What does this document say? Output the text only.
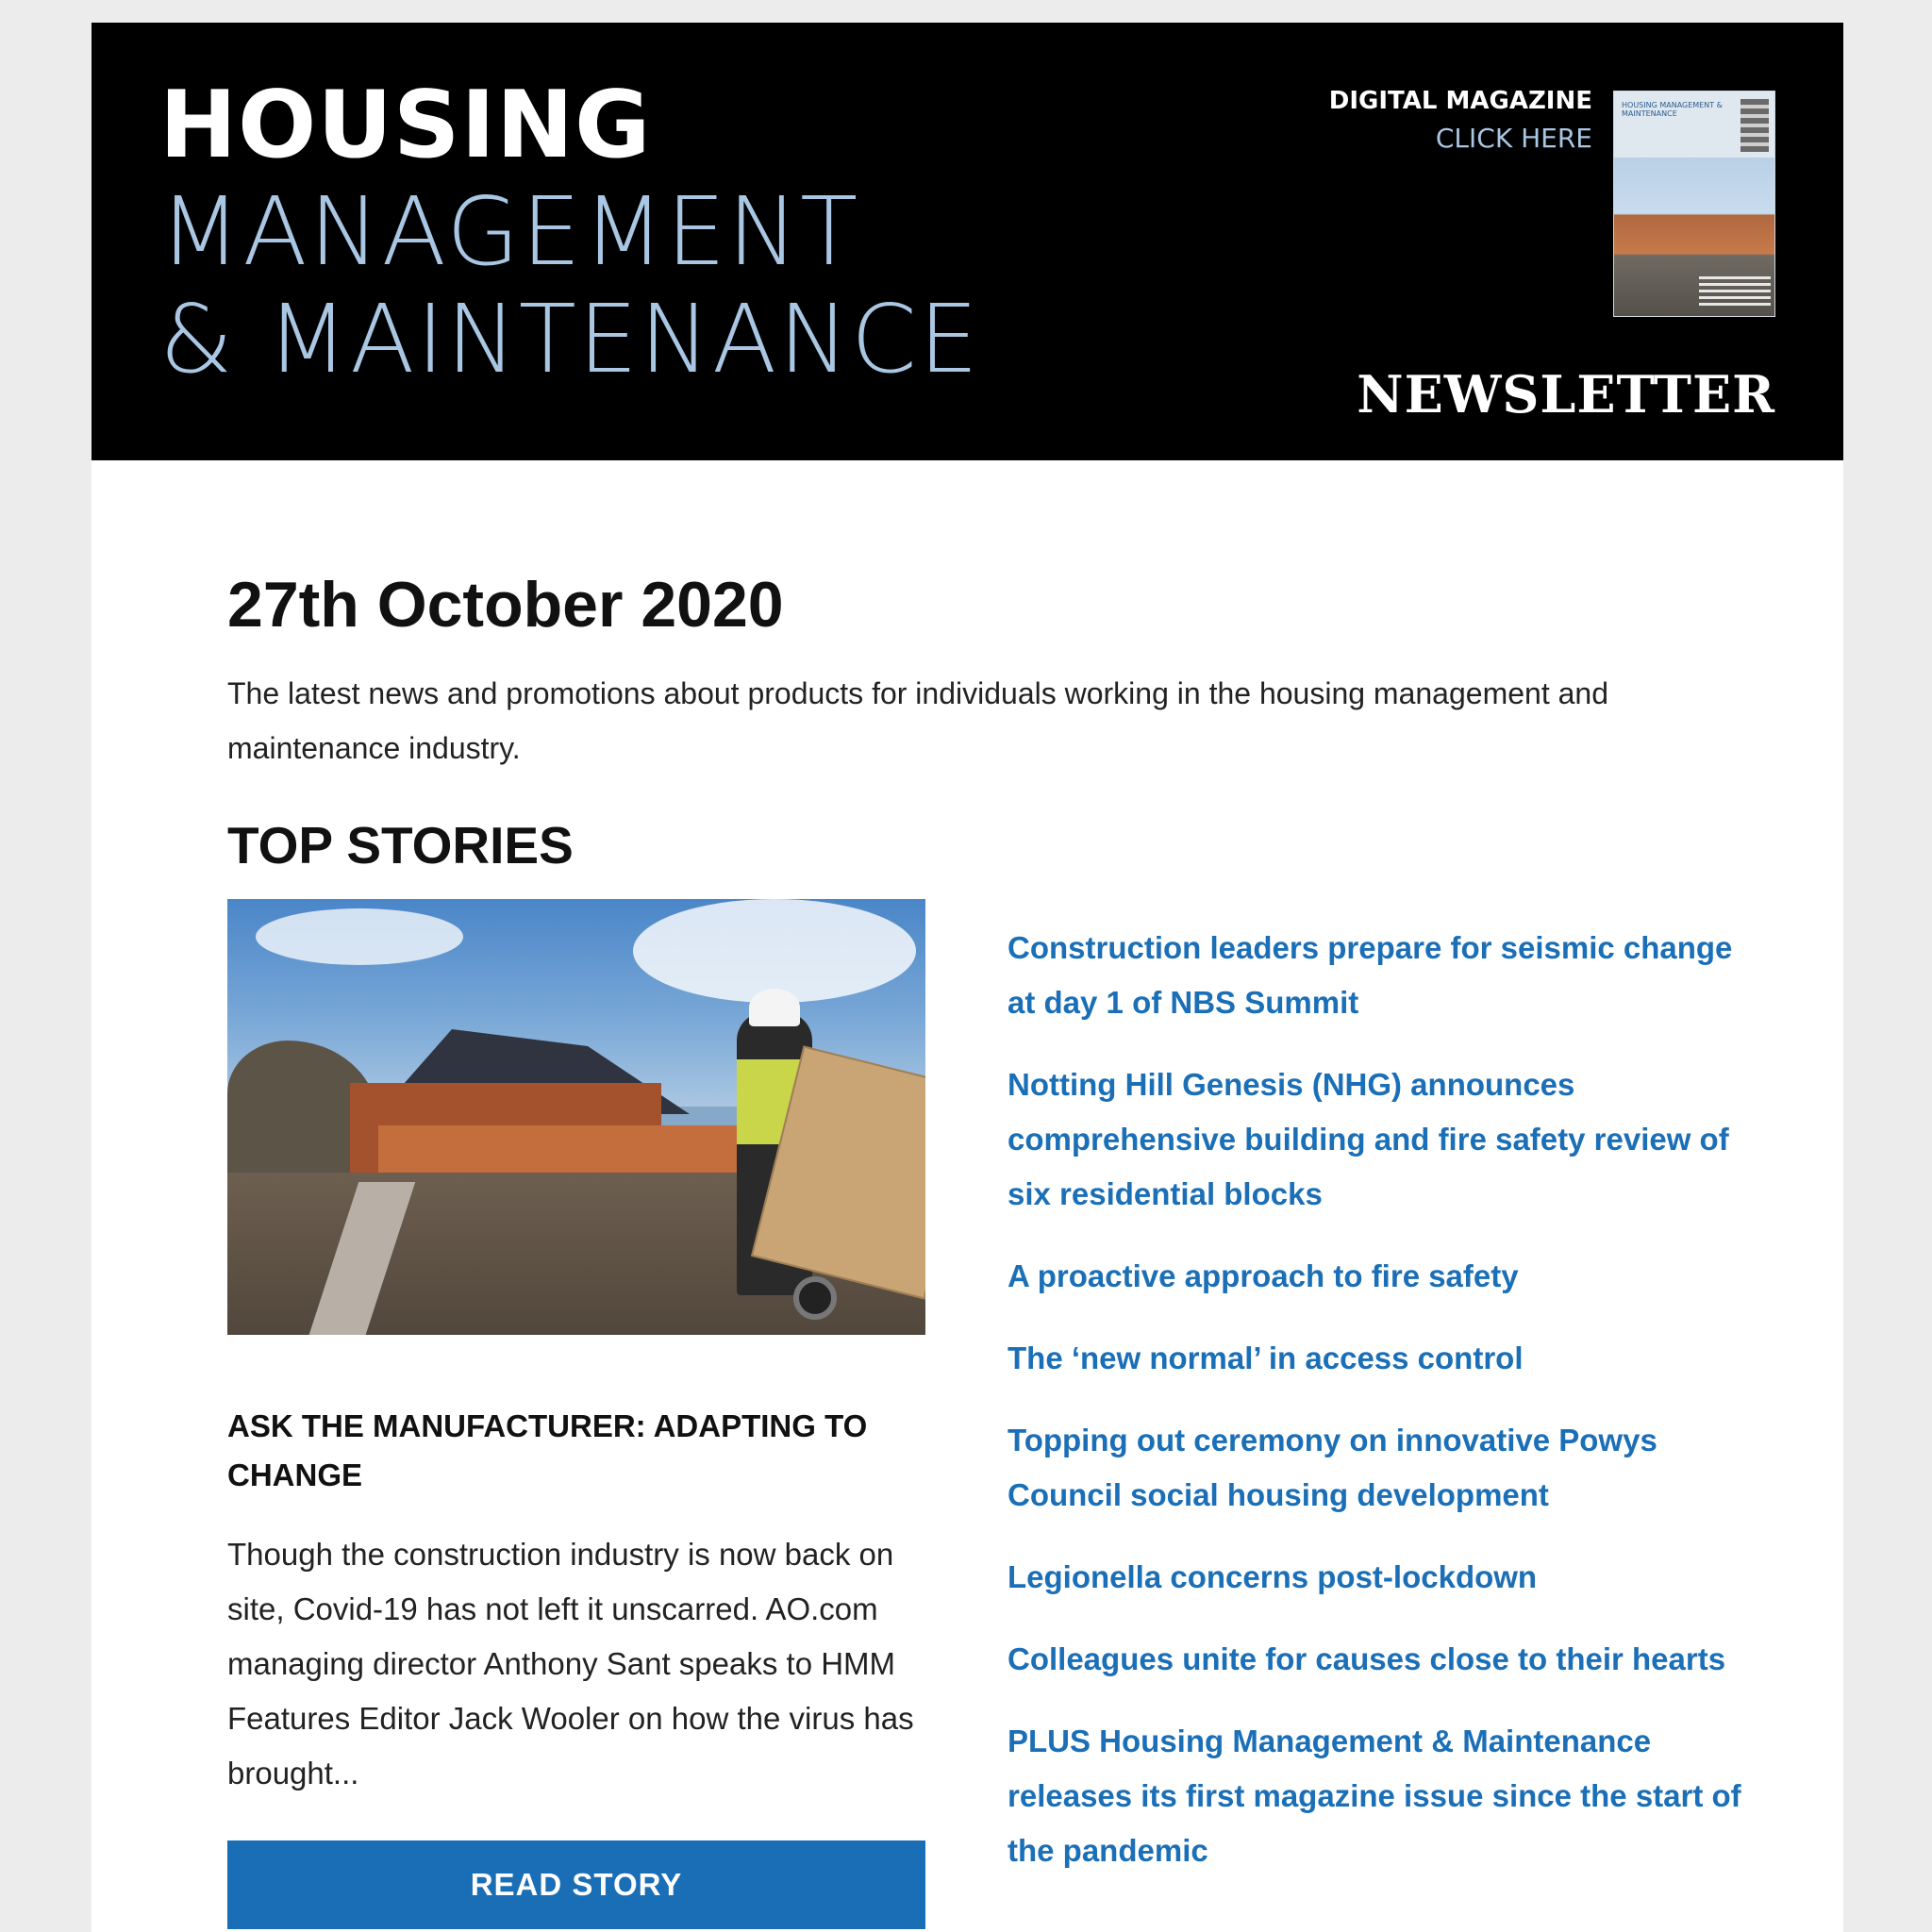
HOUSING
MANAGEMENT
& MAINTENANCE
DIGITAL MAGAZINE
CLICK HERE
HOUSING MANAGEMENT & MAINTENANCE
NEWSLETTER
27th October 2020

The latest news and promotions about products for individuals working in the housing management and maintenance industry.

TOP STORIES
ASK THE MANUFACTURER: ADAPTING TO CHANGE

Though the construction industry is now back on site, Covid-19 has not left it unscarred. AO.com managing director Anthony Sant speaks to HMM Features Editor Jack Wooler on how the virus has brought...

READ STORY
Construction leaders prepare for seismic change at day 1 of NBS Summit
Notting Hill Genesis (NHG) announces comprehensive building and fire safety review of six residential blocks
A proactive approach to fire safety
The ‘new normal’ in access control
Topping out ceremony on innovative Powys Council social housing development
Legionella concerns post-lockdown
Colleagues unite for causes close to their hearts
PLUS Housing Management & Maintenance releases its first magazine issue since the start of the pandemic
